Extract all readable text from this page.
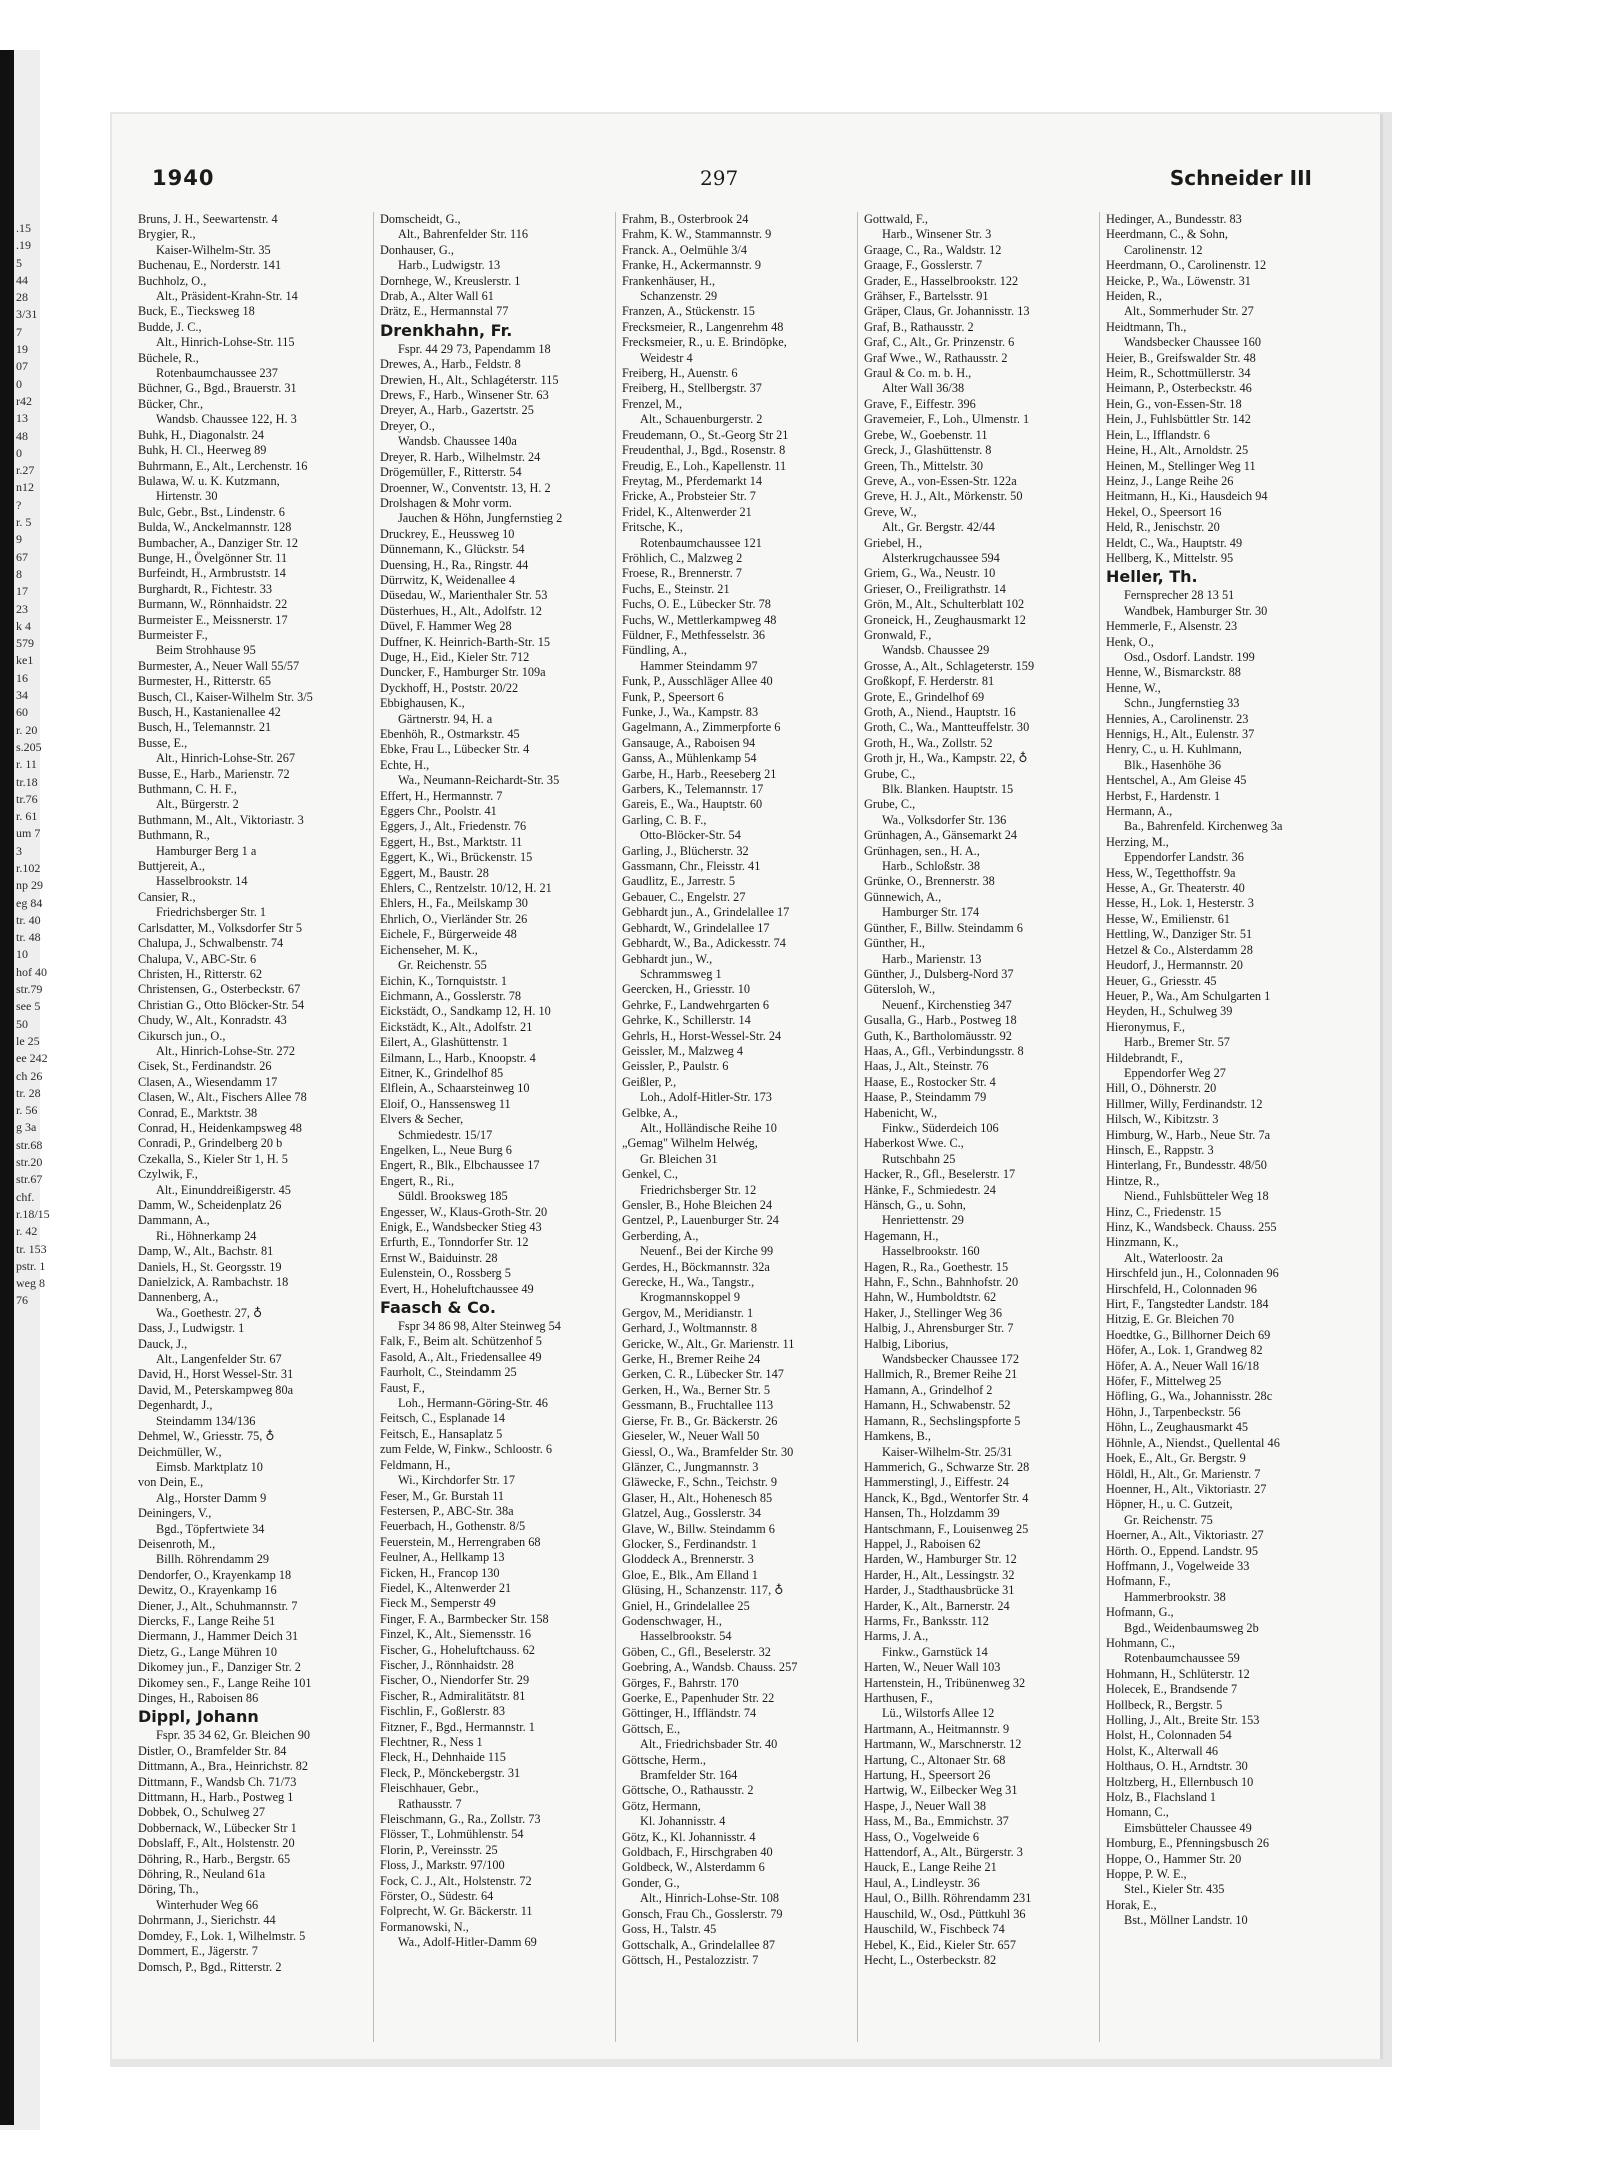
.15
.19
5
44
28
3/31
7
19
07
0
r42
13
48
0
r.27
n12
?
r. 5
9
67
8
17
23
k 4
579
ke1
16
34
60
r. 20
s.205
r. 11
tr.18
tr.76
r. 61
um 7
3
r.102
np 29
eg 84
tr. 40
tr. 48
10
hof 40
str.79
see 5
50
le 25
ee 242
ch 26
tr. 28
r. 56
g 3a
str.68
str.20
str.67
chf.
r.18/15
r. 42
tr. 153
pstr. 1
weg 8
76
1940	297	Schneider III
Bruns, J. H., Seewartenstr. 4
Brygier, R.,
Kaiser-Wilhelm-Str. 35
Buchenau, E., Norderstr. 141
Buchholz, O.,
Alt., Präsident-Krahn-Str. 14
Buck, E., Tiecksweg 18
Budde, J. C.,
Alt., Hinrich-Lohse-Str. 115
Büchele, R.,
Rotenbaumchaussee 237
Büchner, G., Bgd., Brauerstr. 31
Bücker, Chr.,
Wandsb. Chaussee 122, H. 3
Buhk, H., Diagonalstr. 24
Buhk, H. Cl., Heerweg 89
Buhrmann, E., Alt., Lerchenstr. 16
Bulawa, W. u. K. Kutzmann,
Hirtenstr. 30
Bulc, Gebr., Bst., Lindenstr. 6
Bulda, W., Anckelmannstr. 128
Bumbacher, A., Danziger Str. 12
Bunge, H., Övelgönner Str. 11
Burfeindt, H., Armbruststr. 14
Burghardt, R., Fichtestr. 33
Burmann, W., Rönnhaidstr. 22
Burmeister E., Meissnerstr. 17
Burmeister F.,
Beim Strohhause 95
Burmester, A., Neuer Wall 55/57
Burmester, H., Ritterstr. 65
Busch, Cl., Kaiser-Wilhelm Str. 3/5
Busch, H., Kastanienallee 42
Busch, H., Telemannstr. 21
Busse, E.,
Alt., Hinrich-Lohse-Str. 267
Busse, E., Harb., Marienstr. 72
Buthmann, C. H. F.,
Alt., Bürgerstr. 2
Buthmann, M., Alt., Viktoriastr. 3
Buthmann, R.,
Hamburger Berg 1 a
Buttjereit, A.,
Hasselbrookstr. 14
Cansier, R.,
Friedrichsberger Str. 1
Carlsdatter, M., Volksdorfer Str 5
Chalupa, J., Schwalbenstr. 74
Chalupa, V., ABC-Str. 6
Christen, H., Ritterstr. 62
Christensen, G., Osterbeckstr. 67
Christian G., Otto Blöcker-Str. 54
Chudy, W., Alt., Konradstr. 43
Cikursch jun., O.,
Alt., Hinrich-Lohse-Str. 272
Cisek, St., Ferdinandstr. 26
Clasen, A., Wiesendamm 17
Clasen, W., Alt., Fischers Allee 78
Conrad, E., Marktstr. 38
Conrad, H., Heidenkampsweg 48
Conradi, P., Grindelberg 20 b
Czekalla, S., Kieler Str 1, H. 5
Czylwik, F.,
Alt., Einunddreißigerstr. 45
Damm, W., Scheidenplatz 26
Dammann, A.,
Ri., Höhnerkamp 24
Damp, W., Alt., Bachstr. 81
Daniels, H., St. Georgsstr. 19
Danielzick, A. Rambachstr. 18
Dannenberg, A.,
Wa., Goethestr. 27, ♁
Dass, J., Ludwigstr. 1
Dauck, J.,
Alt., Langenfelder Str. 67
David, H., Horst Wessel-Str. 31
David, M., Peterskampweg 80a
Degenhardt, J.,
Steindamm 134/136
Dehmel, W., Griesstr. 75, ♁
Deichmüller, W.,
Eimsb. Marktplatz 10
von Dein, E.,
Alg., Horster Damm 9
Deiningers, V.,
Bgd., Töpfertwiete 34
Deisenroth, M.,
Billh. Röhrendamm 29
Dendorfer, O., Krayenkamp 18
Dewitz, O., Krayenkamp 16
Diener, J., Alt., Schuhmannstr. 7
Diercks, F., Lange Reihe 51
Diermann, J., Hammer Deich 31
Dietz, G., Lange Mühren 10
Dikomey jun., F., Danziger Str. 2
Dikomey sen., F., Lange Reihe 101
Dinges, H., Raboisen 86
Dippl, Johann
Fspr. 35 34 62, Gr. Bleichen 90
Distler, O., Bramfelder Str. 84
Dittmann, A., Bra., Heinrichstr. 82
Dittmann, F., Wandsb Ch. 71/73
Dittmann, H., Harb., Postweg 1
Dobbek, O., Schulweg 27
Dobbernack, W., Lübecker Str 1
Dobslaff, F., Alt., Holstenstr. 20
Döhring, R., Harb., Bergstr. 65
Döhring, R., Neuland 61a
Döring, Th.,
Winterhuder Weg 66
Dohrmann, J., Sierichstr. 44
Domdey, F., Lok. 1, Wilhelmstr. 5
Dommert, E., Jägerstr. 7
Domsch, P., Bgd., Ritterstr. 2
Domscheidt, G.,
Alt., Bahrenfelder Str. 116
Donhauser, G.,
Harb., Ludwigstr. 13
Dornhege, W., Kreuslerstr. 1
Drab, A., Alter Wall 61
Drätz, E., Hermannstal 77
Drenkhahn, Fr.
Fspr. 44 29 73, Papendamm 18
Drewes, A., Harb., Feldstr. 8
Drewien, H., Alt., Schlagéterstr. 115
Drews, F., Harb., Winsener Str. 63
Dreyer, A., Harb., Gazertstr. 25
Dreyer, O.,
Wandsb. Chaussee 140a
Dreyer, R. Harb., Wilhelmstr. 24
Drögemüller, F., Ritterstr. 54
Droenner, W., Conventstr. 13, H. 2
Drolshagen & Mohr vorm.
Jauchen & Höhn, Jungfernstieg 2
Druckrey, E., Heussweg 10
Dünnemann, K., Glückstr. 54
Duensing, H., Ra., Ringstr. 44
Dürrwitz, K, Weidenallee 4
Düsedau, W., Marienthaler Str. 53
Düsterhues, H., Alt., Adolfstr. 12
Düvel, F. Hammer Weg 28
Duffner, K. Heinrich-Barth-Str. 15
Duge, H., Eid., Kieler Str. 712
Duncker, F., Hamburger Str. 109a
Dyckhoff, H., Poststr. 20/22
Ebbighausen, K.,
Gärtnerstr. 94, H. a
Ebenhöh, R., Ostmarkstr. 45
Ebke, Frau L., Lübecker Str. 4
Echte, H.,
Wa., Neumann-Reichardt-Str. 35
Effert, H., Hermannstr. 7
Eggers Chr., Poolstr. 41
Eggers, J., Alt., Friedenstr. 76
Eggert, H., Bst., Marktstr. 11
Eggert, K., Wi., Brückenstr. 15
Eggert, M., Baustr. 28
Ehlers, C., Rentzelstr. 10/12, H. 21
Ehlers, H., Fa., Meilskamp 30
Ehrlich, O., Vierländer Str. 26
Eichele, F., Bürgerweide 48
Eichenseher, M. K.,
Gr. Reichenstr. 55
Eichin, K., Tornquiststr. 1
Eichmann, A., Gosslerstr. 78
Eickstädt, O., Sandkamp 12, H. 10
Eickstädt, K., Alt., Adolfstr. 21
Eilert, A., Glashüttenstr. 1
Eilmann, L., Harb., Knoopstr. 4
Eitner, K., Grindelhof 85
Elflein, A., Schaarsteinweg 10
Eloif, O., Hanssensweg 11
Elvers & Secher,
Schmiedestr. 15/17
Engelken, L., Neue Burg 6
Engert, R., Blk., Elbchaussee 17
Engert, R., Ri.,
Süldl. Brooksweg 185
Engesser, W., Klaus-Groth-Str. 20
Enigk, E., Wandsbecker Stieg 43
Erfurth, E., Tonndorfer Str. 12
Ernst W., Baiduinstr. 28
Eulenstein, O., Rossberg 5
Evert, H., Hoheluftchaussee 49
Faasch & Co.
Fspr 34 86 98, Alter Steinweg 54
Falk, F., Beim alt. Schützenhof 5
Fasold, A., Alt., Friedensallee 49
Faurholt, C., Steindamm 25
Faust, F.,
Loh., Hermann-Göring-Str. 46
Feitsch, C., Esplanade 14
Feitsch, E., Hansaplatz 5
zum Felde, W, Finkw., Schloostr. 6
Feldmann, H.,
Wi., Kirchdorfer Str. 17
Feser, M., Gr. Burstah 11
Festersen, P., ABC-Str. 38a
Feuerbach, H., Gothenstr. 8/5
Feuerstein, M., Herrengraben 68
Feulner, A., Hellkamp 13
Ficken, H., Francop 130
Fiedel, K., Altenwerder 21
Fieck M., Semperstr 49
Finger, F. A., Barmbecker Str. 158
Finzel, K., Alt., Siemensstr. 16
Fischer, G., Hoheluftchauss. 62
Fischer, J., Rönnhaidstr. 28
Fischer, O., Niendorfer Str. 29
Fischer, R., Admiralitätstr. 81
Fischlin, F., Goßlerstr. 83
Fitzner, F., Bgd., Hermannstr. 1
Flechtner, R., Ness 1
Fleck, H., Dehnhaide 115
Fleck, P., Mönckebergstr. 31
Fleischhauer, Gebr.,
Rathausstr. 7
Fleischmann, G., Ra., Zollstr. 73
Flösser, T., Lohmühlenstr. 54
Florin, P., Vereinsstr. 25
Floss, J., Markstr. 97/100
Fock, C. J., Alt., Holstenstr. 72
Förster, O., Südestr. 64
Folprecht, W. Gr. Bäckerstr. 11
Formanowski, N.,
Wa., Adolf-Hitler-Damm 69
Frahm, B., Osterbrook 24
Frahm, K. W., Stammannstr. 9
Franck. A., Oelmühle 3/4
Franke, H., Ackermannstr. 9
Frankenhäuser, H.,
Schanzenstr. 29
Franzen, A., Stückenstr. 15
Frecksmeier, R., Langenrehm 48
Frecksmeier, R., u. E. Brindöpke,
Weidestr 4
Freiberg, H., Auenstr. 6
Freiberg, H., Stellbergstr. 37
Frenzel, M.,
Alt., Schauenburgerstr. 2
Freudemann, O., St.-Georg Str 21
Freudenthal, J., Bgd., Rosenstr. 8
Freudig, E., Loh., Kapellenstr. 11
Freytag, M., Pferdemarkt 14
Fricke, A., Probsteier Str. 7
Fridel, K., Altenwerder 21
Fritsche, K.,
Rotenbaumchaussee 121
Fröhlich, C., Malzweg 2
Froese, R., Brennerstr. 7
Fuchs, E., Steinstr. 21
Fuchs, O. E., Lübecker Str. 78
Fuchs, W., Mettlerkampweg 48
Füldner, F., Methfesselstr. 36
Fündling, A.,
Hammer Steindamm 97
Funk, P., Ausschläger Allee 40
Funk, P., Speersort 6
Funke, J., Wa., Kampstr. 83
Gagelmann, A., Zimmerpforte 6
Gansauge, A., Raboisen 94
Ganss, A., Mühlenkamp 54
Garbe, H., Harb., Reeseberg 21
Garbers, K., Telemannstr. 17
Gareis, E., Wa., Hauptstr. 60
Garling, C. B. F.,
Otto-Blöcker-Str. 54
Garling, J., Blücherstr. 32
Gassmann, Chr., Fleisstr. 41
Gaudlitz, E., Jarrestr. 5
Gebauer, C., Engelstr. 27
Gebhardt jun., A., Grindelallee 17
Gebhardt, W., Grindelallee 17
Gebhardt, W., Ba., Adickesstr. 74
Gebhardt jun., W.,
Schrammsweg 1
Geercken, H., Griesstr. 10
Gehrke, F., Landwehrgarten 6
Gehrke, K., Schillerstr. 14
Gehrls, H., Horst-Wessel-Str. 24
Geissler, M., Malzweg 4
Geissler, P., Paulstr. 6
Geißler, P.,
Loh., Adolf-Hitler-Str. 173
Gelbke, A.,
Alt., Holländische Reihe 10
„Gemag" Wilhelm Helwég,
Gr. Bleichen 31
Genkel, C.,
Friedrichsberger Str. 12
Gensler, B., Hohe Bleichen 24
Gentzel, P., Lauenburger Str. 24
Gerberding, A.,
Neuenf., Bei der Kirche 99
Gerdes, H., Böckmannstr. 32a
Gerecke, H., Wa., Tangstr.,
Krogmannskoppel 9
Gergov, M., Meridianstr. 1
Gerhard, J., Woltmannstr. 8
Gericke, W., Alt., Gr. Marienstr. 11
Gerke, H., Bremer Reihe 24
Gerken, C. R., Lübecker Str. 147
Gerken, H., Wa., Berner Str. 5
Gessmann, B., Fruchtallee 113
Gierse, Fr. B., Gr. Bäckerstr. 26
Gieseler, W., Neuer Wall 50
Giessl, O., Wa., Bramfelder Str. 30
Glänzer, C., Jungmannstr. 3
Gläwecke, F., Schn., Teichstr. 9
Glaser, H., Alt., Hohenesch 85
Glatzel, Aug., Gosslerstr. 34
Glave, W., Billw. Steindamm 6
Glocker, S., Ferdinandstr. 1
Gloddeck A., Brennerstr. 3
Gloe, E., Blk., Am Elland 1
Glüsing, H., Schanzenstr. 117, ♁
Gniel, H., Grindelallee 25
Godenschwager, H.,
Hasselbrookstr. 54
Göben, C., Gfl., Beselerstr. 32
Goebring, A., Wandsb. Chauss. 257
Görges, F., Bahrstr. 170
Goerke, E., Papenhuder Str. 22
Göttinger, H., Iffländstr. 74
Göttsch, E.,
Alt., Friedrichsbader Str. 40
Göttsche, Herm.,
Bramfelder Str. 164
Göttsche, O., Rathausstr. 2
Götz, Hermann,
Kl. Johannisstr. 4
Götz, K., Kl. Johannisstr. 4
Goldbach, F., Hirschgraben 40
Goldbeck, W., Alsterdamm 6
Gonder, G.,
Alt., Hinrich-Lohse-Str. 108
Gonsch, Frau Ch., Gosslerstr. 79
Goss, H., Talstr. 45
Gottschalk, A., Grindelallee 87
Göttsch, H., Pestalozzistr. 7
Gottwald, F.,
Harb., Winsener Str. 3
Graage, C., Ra., Waldstr. 12
Graage, F., Gosslerstr. 7
Grader, E., Hasselbrookstr. 122
Grähser, F., Bartelsstr. 91
Gräper, Claus, Gr. Johannisstr. 13
Graf, B., Rathausstr. 2
Graf, C., Alt., Gr. Prinzenstr. 6
Graf Wwe., W., Rathausstr. 2
Graul & Co. m. b. H.,
Alter Wall 36/38
Grave, F., Eiffestr. 396
Gravemeier, F., Loh., Ulmenstr. 1
Grebe, W., Goebenstr. 11
Greck, J., Glashüttenstr. 8
Green, Th., Mittelstr. 30
Greve, A., von-Essen-Str. 122a
Greve, H. J., Alt., Mörkenstr. 50
Greve, W.,
Alt., Gr. Bergstr. 42/44
Griebel, H.,
Alsterkrugchaussee 594
Griem, G., Wa., Neustr. 10
Grieser, O., Freiligrathstr. 14
Grön, M., Alt., Schulterblatt 102
Groneick, H., Zeughausmarkt 12
Gronwald, F.,
Wandsb. Chaussee 29
Grosse, A., Alt., Schlageterstr. 159
Großkopf, F. Herderstr. 81
Grote, E., Grindelhof 69
Groth, A., Niend., Hauptstr. 16
Groth, C., Wa., Mantteuffelstr. 30
Groth, H., Wa., Zollstr. 52
Groth jr, H., Wa., Kampstr. 22, ♁
Grube, C.,
Blk. Blanken. Hauptstr. 15
Grube, C.,
Wa., Volksdorfer Str. 136
Grünhagen, A., Gänsemarkt 24
Grünhagen, sen., H. A.,
Harb., Schloßstr. 38
Grünke, O., Brennerstr. 38
Günnewich, A.,
Hamburger Str. 174
Günther, F., Billw. Steindamm 6
Günther, H.,
Harb., Marienstr. 13
Günther, J., Dulsberg-Nord 37
Gütersloh, W.,
Neuenf., Kirchenstieg 347
Gusalla, G., Harb., Postweg 18
Guth, K., Bartholomäusstr. 92
Haas, A., Gfl., Verbindungsstr. 8
Haas, J., Alt., Steinstr. 76
Haase, E., Rostocker Str. 4
Haase, P., Steindamm 79
Habenicht, W.,
Finkw., Süderdeich 106
Haberkost Wwe. C.,
Rutschbahn 25
Hacker, R., Gfl., Beselerstr. 17
Hänke, F., Schmiedestr. 24
Hänsch, G., u. Sohn,
Henriettenstr. 29
Hagemann, H.,
Hasselbrookstr. 160
Hagen, R., Ra., Goethestr. 15
Hahn, F., Schn., Bahnhofstr. 20
Hahn, W., Humboldtstr. 62
Haker, J., Stellinger Weg 36
Halbig, J., Ahrensburger Str. 7
Halbig, Liborius,
Wandsbecker Chaussee 172
Hallmich, R., Bremer Reihe 21
Hamann, A., Grindelhof 2
Hamann, H., Schwabenstr. 52
Hamann, R., Sechslingspforte 5
Hamkens, B.,
Kaiser-Wilhelm-Str. 25/31
Hammerich, G., Schwarze Str. 28
Hammerstingl, J., Eiffestr. 24
Hanck, K., Bgd., Wentorfer Str. 4
Hansen, Th., Holzdamm 39
Hantschmann, F., Louisenweg 25
Happel, J., Raboisen 62
Harden, W., Hamburger Str. 12
Harder, H., Alt., Lessingstr. 32
Harder, J., Stadthausbrücke 31
Harder, K., Alt., Barnerstr. 24
Harms, Fr., Banksstr. 112
Harms, J. A.,
Finkw., Garnstück 14
Harten, W., Neuer Wall 103
Hartenstein, H., Tribünenweg 32
Harthusen, F.,
Lü., Wilstorfs Allee 12
Hartmann, A., Heitmannstr. 9
Hartmann, W., Marschnerstr. 12
Hartung, C., Altonaer Str. 68
Hartung, H., Speersort 26
Hartwig, W., Eilbecker Weg 31
Haspe, J., Neuer Wall 38
Hass, M., Ba., Emmichstr. 37
Hass, O., Vogelweide 6
Hattendorf, A., Alt., Bürgerstr. 3
Hauck, E., Lange Reihe 21
Haul, A., Lindleystr. 36
Haul, O., Billh. Röhrendamm 231
Hauschild, W., Osd., Püttkuhl 36
Hauschild, W., Fischbeck 74
Hebel, K., Eid., Kieler Str. 657
Hecht, L., Osterbeckstr. 82
Hedinger, A., Bundesstr. 83
Heerdmann, C., & Sohn,
Carolinenstr. 12
Heerdmann, O., Carolinenstr. 12
Heicke, P., Wa., Löwenstr. 31
Heiden, R.,
Alt., Sommerhuder Str. 27
Heidtmann, Th.,
Wandsbecker Chaussee 160
Heier, B., Greifswalder Str. 48
Heim, R., Schottmüllerstr. 34
Heimann, P., Osterbeckstr. 46
Hein, G., von-Essen-Str. 18
Hein, J., Fuhlsbüttler Str. 142
Hein, L., Ifflandstr. 6
Heine, H., Alt., Arnoldstr. 25
Heinen, M., Stellinger Weg 11
Heinz, J., Lange Reihe 26
Heitmann, H., Ki., Hausdeich 94
Hekel, O., Speersort 16
Held, R., Jenischstr. 20
Heldt, C., Wa., Hauptstr. 49
Hellberg, K., Mittelstr. 95
Heller, Th.
Fernsprecher 28 13 51
Wandbek, Hamburger Str. 30
Hemmerle, F., Alsenstr. 23
Henk, O.,
Osd., Osdorf. Landstr. 199
Henne, W., Bismarckstr. 88
Henne, W.,
Schn., Jungfernstieg 33
Hennies, A., Carolinenstr. 23
Hennigs, H., Alt., Eulenstr. 37
Henry, C., u. H. Kuhlmann,
Blk., Hasenhöhe 36
Hentschel, A., Am Gleise 45
Herbst, F., Hardenstr. 1
Hermann, A.,
Ba., Bahrenfeld. Kirchenweg 3a
Herzing, M.,
Eppendorfer Landstr. 36
Hess, W., Tegetthoffstr. 9a
Hesse, A., Gr. Theaterstr. 40
Hesse, H., Lok. 1, Hesterstr. 3
Hesse, W., Emilienstr. 61
Hettling, W., Danziger Str. 51
Hetzel & Co., Alsterdamm 28
Heudorf, J., Hermannstr. 20
Heuer, G., Griesstr. 45
Heuer, P., Wa., Am Schulgarten 1
Heyden, H., Schulweg 39
Hieronymus, F.,
Harb., Bremer Str. 57
Hildebrandt, F.,
Eppendorfer Weg 27
Hill, O., Döhnerstr. 20
Hillmer, Willy, Ferdinandstr. 12
Hilsch, W., Kibitzstr. 3
Himburg, W., Harb., Neue Str. 7a
Hinsch, E., Rappstr. 3
Hinterlang, Fr., Bundesstr. 48/50
Hintze, R.,
Niend., Fuhlsbütteler Weg 18
Hinz, C., Friedenstr. 15
Hinz, K., Wandsbeck. Chauss. 255
Hinzmann, K.,
Alt., Waterloostr. 2a
Hirschfeld jun., H., Colonnaden 96
Hirschfeld, H., Colonnaden 96
Hirt, F., Tangstedter Landstr. 184
Hitzig, E. Gr. Bleichen 70
Hoedtke, G., Billhorner Deich 69
Höfer, A., Lok. 1, Grandweg 82
Höfer, A. A., Neuer Wall 16/18
Höfer, F., Mittelweg 25
Höfling, G., Wa., Johannisstr. 28c
Höhn, J., Tarpenbeckstr. 56
Höhn, L., Zeughausmarkt 45
Höhnle, A., Niendst., Quellental 46
Hoek, E., Alt., Gr. Bergstr. 9
Höldl, H., Alt., Gr. Marienstr. 7
Hoenner, H., Alt., Viktoriastr. 27
Höpner, H., u. C. Gutzeit,
Gr. Reichenstr. 75
Hoerner, A., Alt., Viktoriastr. 27
Hörth. O., Eppend. Landstr. 95
Hoffmann, J., Vogelweide 33
Hofmann, F.,
Hammerbrookstr. 38
Hofmann, G.,
Bgd., Weidenbaumsweg 2b
Hohmann, C.,
Rotenbaumchaussee 59
Hohmann, H., Schlüterstr. 12
Holecek, E., Brandsende 7
Hollbeck, R., Bergstr. 5
Holling, J., Alt., Breite Str. 153
Holst, H., Colonnaden 54
Holst, K., Alterwall 46
Holthaus, O. H., Arndtstr. 30
Holtzberg, H., Ellernbusch 10
Holz, B., Flachsland 1
Homann, C.,
Eimsbütteler Chaussee 49
Homburg, E., Pfenningsbusch 26
Hoppe, O., Hammer Str. 20
Hoppe, P. W. E.,
Stel., Kieler Str. 435
Horak, E.,
Bst., Möllner Landstr. 10
